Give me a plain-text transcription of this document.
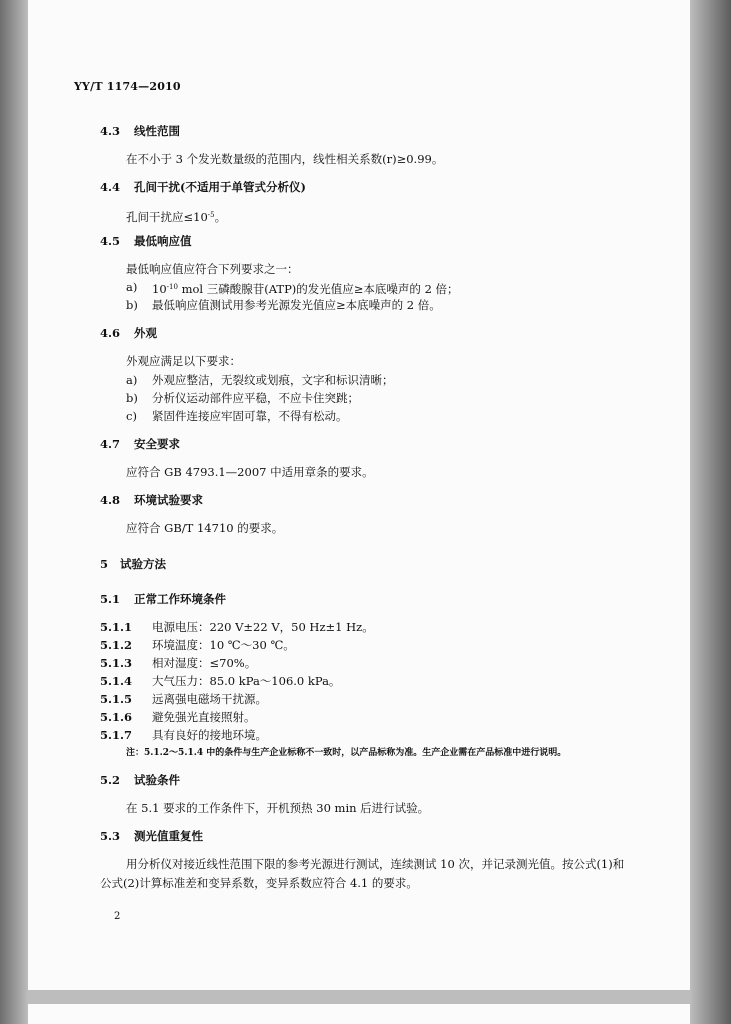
YY/T 1174—2010
4.3 线性范围
在不小于 3 个发光数量级的范围内，线性相关系数(r)≥0.99。
4.4 孔间干扰(不适用于单管式分析仪)
孔间干扰应$\le 10^{-5}$。
4.5 最低响应值
最低响应值应符合下列要求之一：
a) $10^{-10}$ mol 三磷酸腺苷(ATP)的发光值应≥本底噪声的 2 倍；
b) 最低响应值测试用参考光源发光值应≥本底噪声的 2 倍。
4.6 外观
外观应满足以下要求：
a) 外观应整洁，无裂纹或划痕，文字和标识清晰；
b) 分析仪运动部件应平稳，不应卡住突跳；
c) 紧固件连接应牢固可靠，不得有松动。
4.7 安全要求
应符合 GB 4793.1—2007 中适用章条的要求。
4.8 环境试验要求
应符合 GB/T 14710 的要求。
5 试验方法
5.1 正常工作环境条件
5.1.1 电源电压：220 V±22 V，50 Hz±1 Hz。
5.1.2 环境温度：10 ℃～30 ℃。
5.1.3 相对湿度：≤70%。
5.1.4 大气压力：85.0 kPa～106.0 kPa。
5.1.5 远离强电磁场干扰源。
5.1.6 避免强光直接照射。
5.1.7 具有良好的接地环境。
注：5.1.2～5.1.4 中的条件与生产企业标称不一致时，以产品标称为准。生产企业需在产品标准中进行说明。
5.2 试验条件
在 5.1 要求的工作条件下，开机预热 30 min 后进行试验。
5.3 测光值重复性
用分析仪对接近线性范围下限的参考光源进行测试，连续测试 10 次，并记录测光值。按公式(1)和
公式(2)计算标准差和变异系数，变异系数应符合 4.1 的要求。
2
